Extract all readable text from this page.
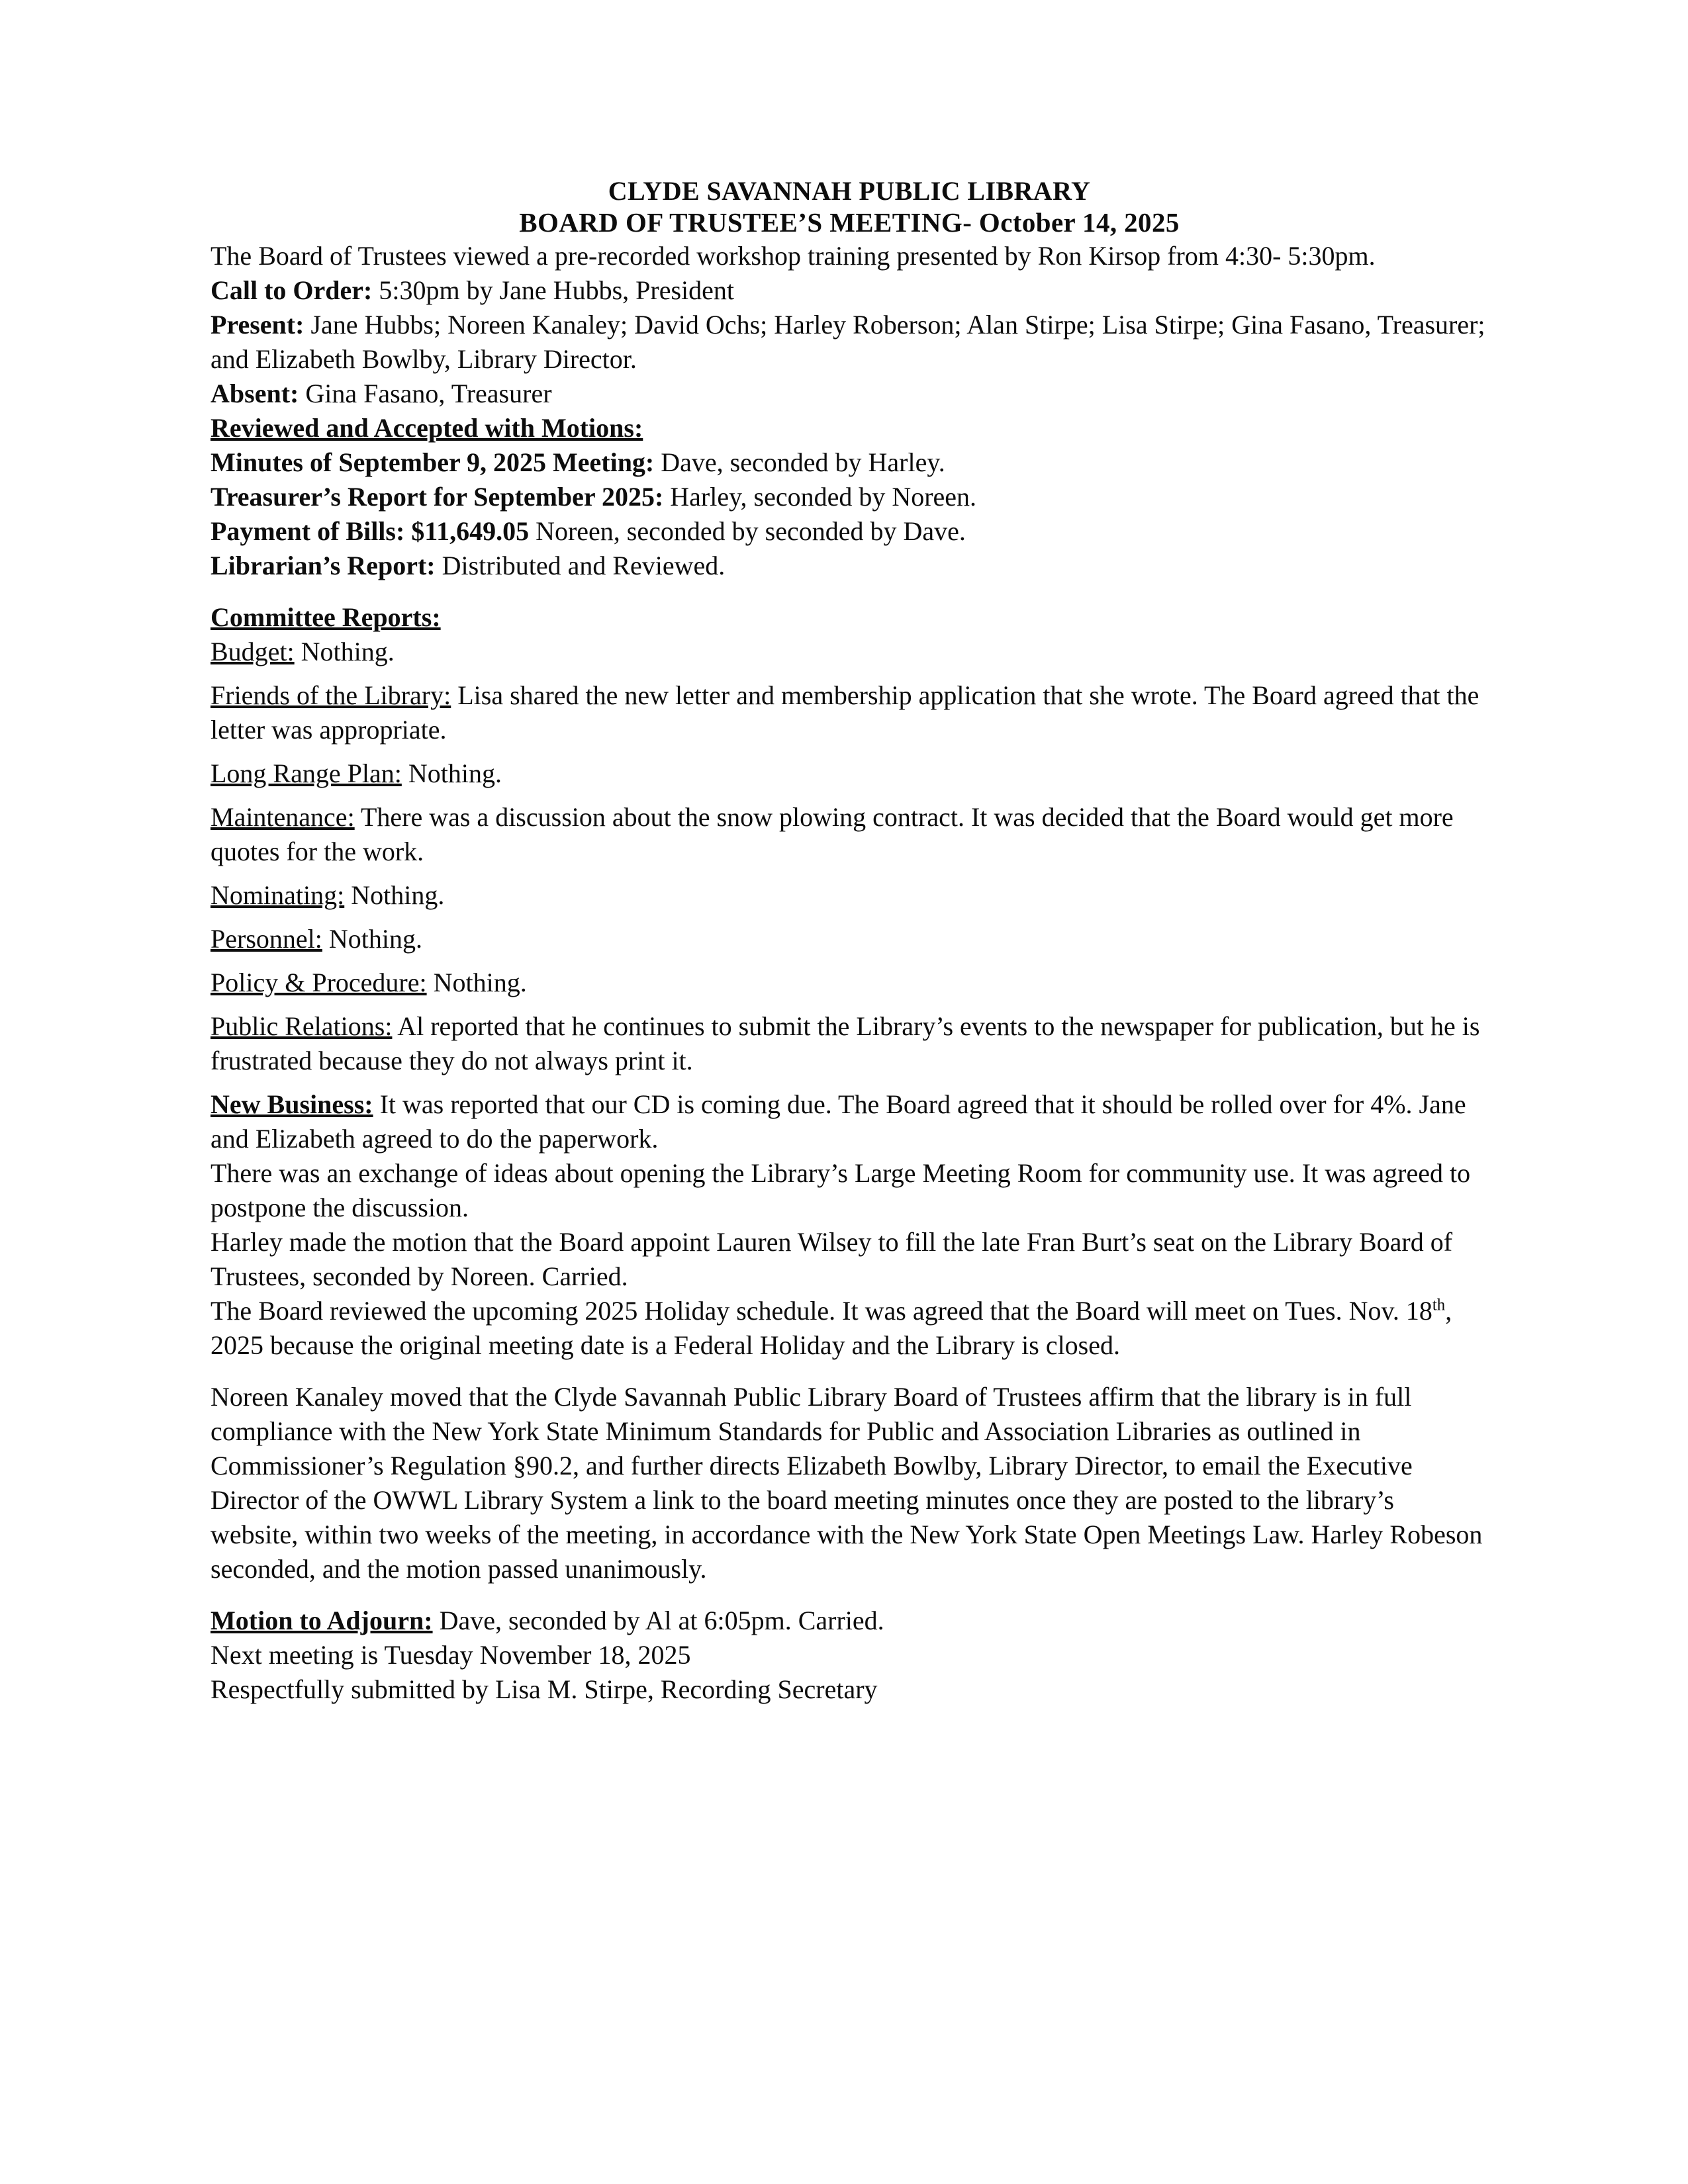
CLYDE SAVANNAH PUBLIC LIBRARY
BOARD OF TRUSTEE’S MEETING- October 14, 2025

The Board of Trustees viewed a pre-recorded workshop training presented by Ron Kirsop from 4:30- 5:30pm.

Call to Order: 5:30pm by Jane Hubbs, President

Present: Jane Hubbs; Noreen Kanaley; David Ochs; Harley Roberson; Alan Stirpe; Lisa Stirpe; Gina Fasano, Treasurer; and Elizabeth Bowlby, Library Director.

Absent: Gina Fasano, Treasurer

Reviewed and Accepted with Motions:

Minutes of September 9, 2025 Meeting: Dave, seconded by Harley.

Treasurer’s Report for September 2025: Harley, seconded by Noreen.

Payment of Bills: $11,649.05 Noreen, seconded by seconded by Dave.

Librarian’s Report: Distributed and Reviewed.

Committee Reports:

Budget: Nothing.

Friends of the Library: Lisa shared the new letter and membership application that she wrote. The Board agreed that the letter was appropriate.

Long Range Plan: Nothing.

Maintenance: There was a discussion about the snow plowing contract. It was decided that the Board would get more quotes for the work.

Nominating: Nothing.

Personnel: Nothing.

Policy & Procedure: Nothing.

Public Relations: Al reported that he continues to submit the Library’s events to the newspaper for publication, but he is frustrated because they do not always print it.

New Business: It was reported that our CD is coming due. The Board agreed that it should be rolled over for 4%. Jane and Elizabeth agreed to do the paperwork.

There was an exchange of ideas about opening the Library’s Large Meeting Room for community use. It was agreed to postpone the discussion.

Harley made the motion that the Board appoint Lauren Wilsey to fill the late Fran Burt’s seat on the Library Board of Trustees, seconded by Noreen. Carried.

The Board reviewed the upcoming 2025 Holiday schedule. It was agreed that the Board will meet on Tues. Nov. 18th, 2025 because the original meeting date is a Federal Holiday and the Library is closed.

Noreen Kanaley moved that the Clyde Savannah Public Library Board of Trustees affirm that the library is in full compliance with the New York State Minimum Standards for Public and Association Libraries as outlined in Commissioner’s Regulation §90.2, and further directs Elizabeth Bowlby, Library Director, to email the Executive Director of the OWWL Library System a link to the board meeting minutes once they are posted to the library’s website, within two weeks of the meeting, in accordance with the New York State Open Meetings Law. Harley Robeson seconded, and the motion passed unanimously.

Motion to Adjourn: Dave, seconded by Al at 6:05pm. Carried.

Next meeting is Tuesday November 18, 2025

Respectfully submitted by Lisa M. Stirpe, Recording Secretary
